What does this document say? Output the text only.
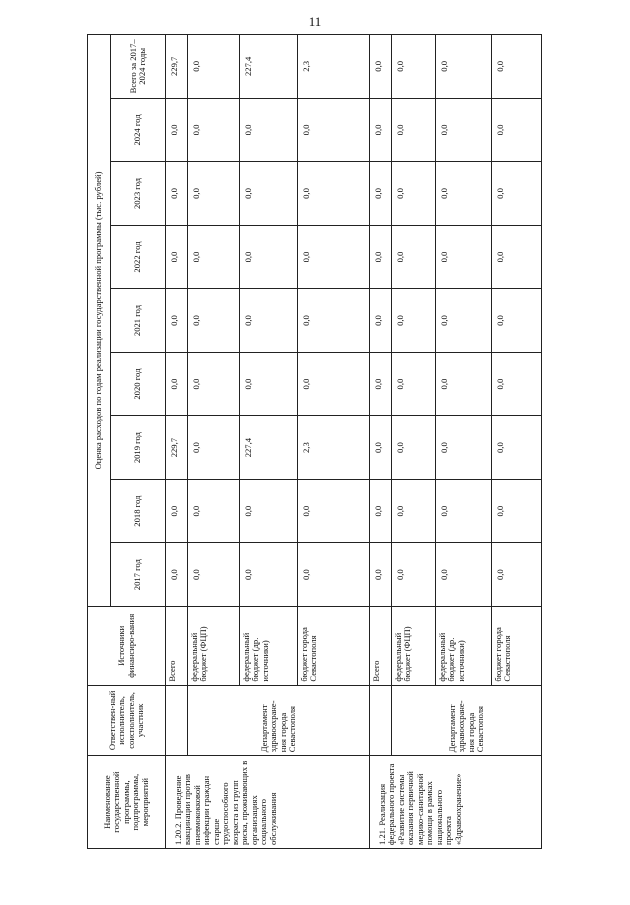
11
Наименование государственной программы, подпрограммы, мероприятий	Ответствен-ный исполнитель, соисполнитель, участник	Источники финансиро-вания	Оценка расходов по годам реализации государственной программы (тыс. рублей)								
			2017 год	2018 год	2019 год	2020 год	2021 год	2022 год	2023 год	2024 год	Всего за 2017–2024 годы
1.20.2. Проведение вакцинации против пневмококковой инфекции граждан старше трудоспособного возраста из групп риска, проживающих в организациях социального обслуживания		Всего	0,0	0,0	229,7	0,0	0,0	0,0	0,0	0,0	229,7
	Департамент здравоохране-ния города Севастополя	федеральный бюджет (ФЦП)	0,0	0,0	0,0	0,0	0,0	0,0	0,0	0,0	0,0
		федеральный бюджет (др. источники)	0,0	0,0	227,4	0,0	0,0	0,0	0,0	0,0	227,4
		бюджет города Севастополя	0,0	0,0	2,3	0,0	0,0	0,0	0,0	0,0	2,3
1.21. Реализация федерального проекта «Развитие системы оказания первичной медико-санитарной помощи в рамках национального проекта «Здравоохранение»		Всего	0,0	0,0	0,0	0,0	0,0	0,0	0,0	0,0	0,0
	Департамент здравоохране-ния города Севастополя	федеральный бюджет (ФЦП)	0,0	0,0	0,0	0,0	0,0	0,0	0,0	0,0	0,0
		федеральный бюджет (др. источники)	0,0	0,0	0,0	0,0	0,0	0,0	0,0	0,0	0,0
		бюджет города Севастополя	0,0	0,0	0,0	0,0	0,0	0,0	0,0	0,0	0,0
